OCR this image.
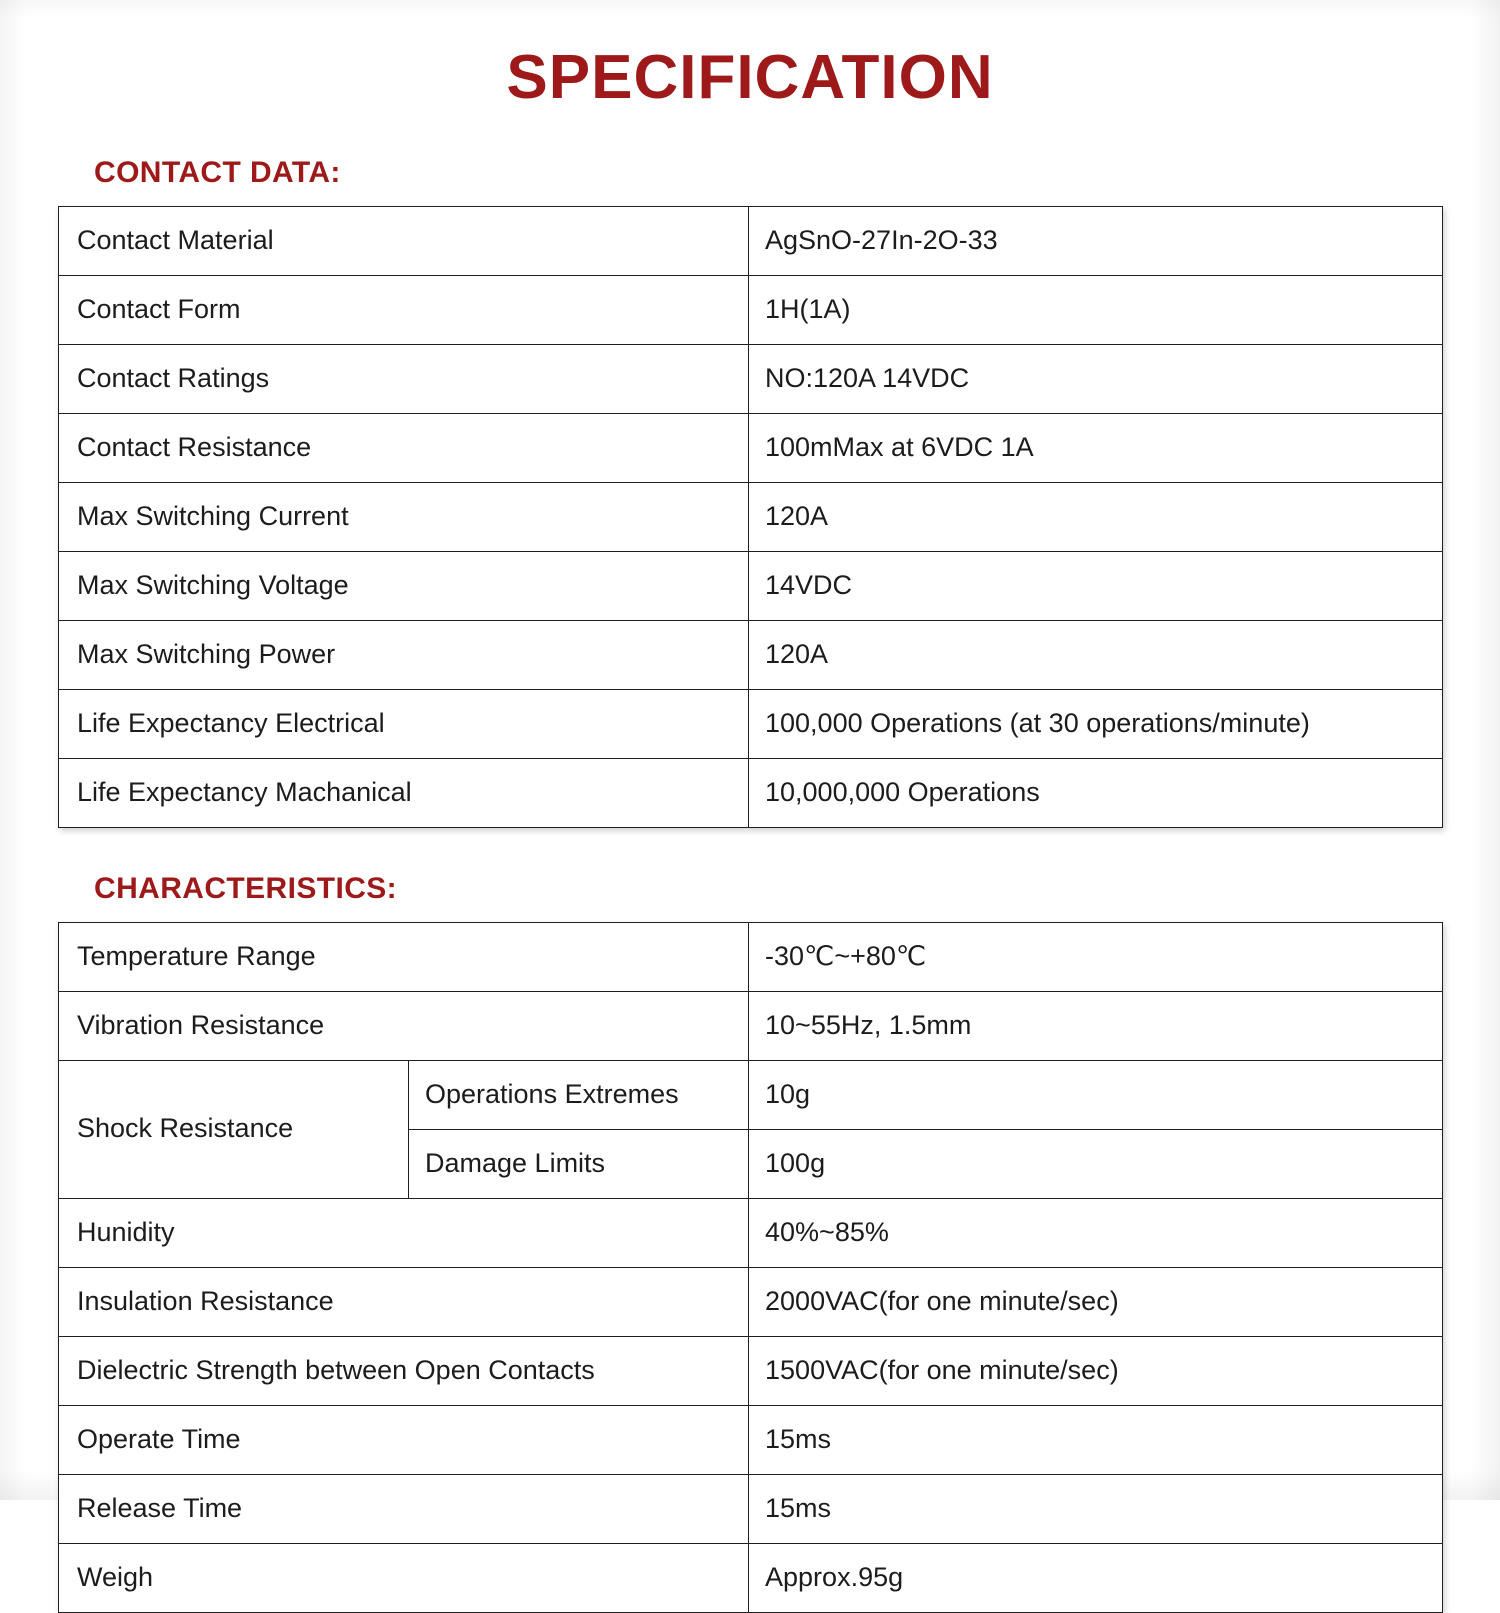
SPECIFICATION
CONTACT DATA:
Contact Material	AgSnO-27In-2O-33
Contact Form	1H(1A)
Contact Ratings	NO:120A 14VDC
Contact Resistance	100mMax at 6VDC 1A
Max Switching Current	120A
Max Switching Voltage	14VDC
Max Switching Power	120A
Life Expectancy Electrical	100,000 Operations (at 30 operations/minute)
Life Expectancy Machanical	10,000,000 Operations
CHARACTERISTICS:
Temperature Range		-30℃~+80℃
Vibration Resistance		10~55Hz, 1.5mm
Shock Resistance	Operations Extremes	10g
	Damage Limits	100g
Hunidity		40%~85%
Insulation Resistance		2000VAC(for one minute/sec)
Dielectric Strength between Open Contacts		1500VAC(for one minute/sec)
Operate Time		15ms
Release Time		15ms
Weigh		Approx.95g
